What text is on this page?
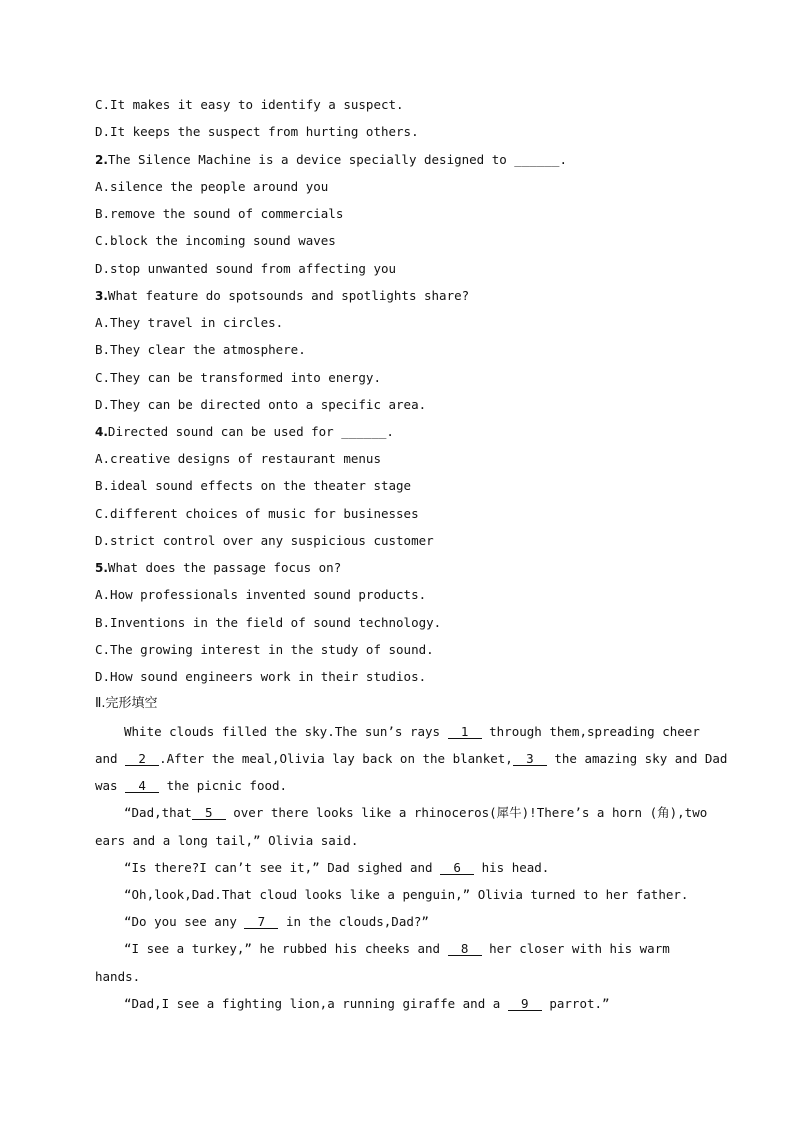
C.It makes it easy to identify a suspect.
D.It keeps the suspect from hurting others.
2.The Silence Machine is a device specially designed to ______.
A.silence the people around you
B.remove the sound of commercials
C.block the incoming sound waves
D.stop unwanted sound from affecting you
3.What feature do spotsounds and spotlights share?
A.They travel in circles.
B.They clear the atmosphere.
C.They can be transformed into energy.
D.They can be directed onto a specific area.
4.Directed sound can be used for ______.
A.creative designs of restaurant menus
B.ideal sound effects on the theater stage
C.different choices of music for businesses
D.strict control over any suspicious customer
5.What does the passage focus on?
A.How professionals invented sound products.
B.Inventions in the field of sound technology.
C.The growing interest in the study of sound.
D.How sound engineers work in their studios.
Ⅱ.完形填空
White clouds filled the sky.The sun’s rays 1 through them,spreading cheer
and 2 .After the meal,Olivia lay back on the blanket, 3 the amazing sky and Dad
was 4 the picnic food.
“Dad,that 5 over there looks like a rhinoceros(犀牛)!There’s a horn (角),two
ears and a long tail,” Olivia said.
“Is there?I can’t see it,” Dad sighed and 6 his head.
“Oh,look,Dad.That cloud looks like a penguin,” Olivia turned to her father.
“Do you see any 7 in the clouds,Dad?”
“I see a turkey,” he rubbed his cheeks and 8 her closer with his warm
hands.
“Dad,I see a fighting lion,a running giraffe and a 9 parrot.”
